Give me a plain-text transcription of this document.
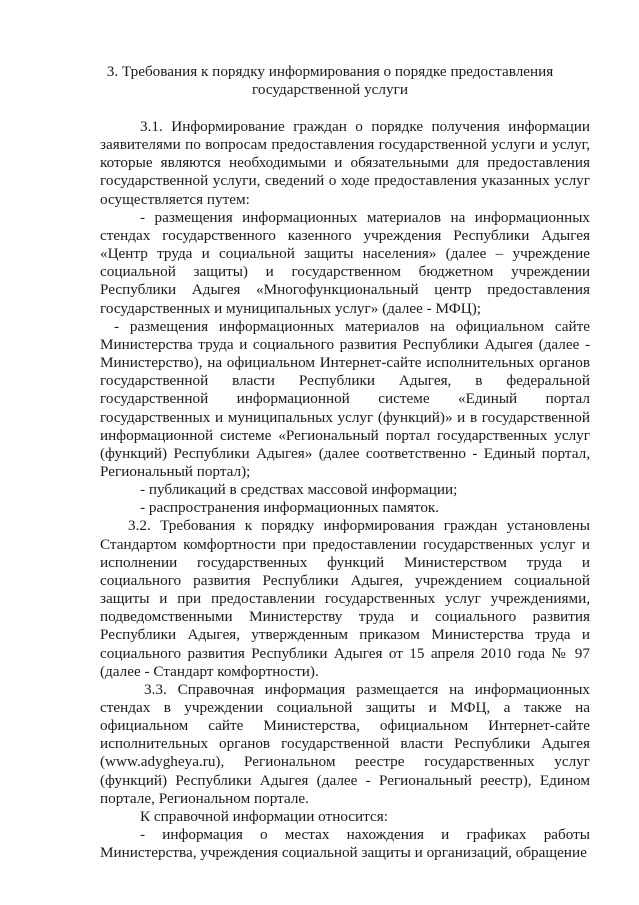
3. Требования к порядку информирования о порядке предоставления
государственной услуги

3.1. Информирование граждан о порядке получения информации заявителями по вопросам предоставления государственной услуги и услуг, которые являются необходимыми и обязательными для предоставления государственной услуги, сведений о ходе предоставления указанных услуг осуществляется путем:

- размещения информационных материалов на информационных стендах государственного казенного учреждения Республики Адыгея «Центр труда и социальной защиты населения» (далее – учреждение социальной защиты) и государственном бюджетном учреждении Республики Адыгея «Многофункциональный центр предоставления государственных и муниципальных услуг» (далее - МФЦ);

- размещения информационных материалов на официальном сайте Министерства труда и социального развития Республики Адыгея (далее - Министерство), на официальном Интернет-сайте исполнительных органов государственной власти Республики Адыгея, в федеральной государственной информационной системе «Единый портал государственных и муниципальных услуг (функций)» и в государственной информационной системе «Региональный портал государственных услуг (функций) Республики Адыгея» (далее соответственно - Единый портал, Региональный портал);

- публикаций в средствах массовой информации;

- распространения информационных памяток.

3.2. Требования к порядку информирования граждан установлены Стандартом комфортности при предоставлении государственных услуг и исполнении государственных функций Министерством труда и социального развития Республики Адыгея, учреждением социальной защиты и при предоставлении государственных услуг учреждениями, подведомственными Министерству труда и социального развития Республики Адыгея, утвержденным приказом Министерства труда и социального развития Республики Адыгея от 15 апреля 2010 года № 97 (далее - Стандарт комфортности).

3.3. Справочная информация размещается на информационных стендах в учреждении социальной защиты и МФЦ, а также на официальном сайте Министерства, официальном Интернет-сайте исполнительных органов государственной власти Республики Адыгея (www.adygheya.ru), Региональном реестре государственных услуг (функций) Республики Адыгея (далее - Региональный реестр), Едином портале, Региональном портале.

К справочной информации относится:

- информация о местах нахождения и графиках работы Министерства, учреждения социальной защиты и организаций, обращение
